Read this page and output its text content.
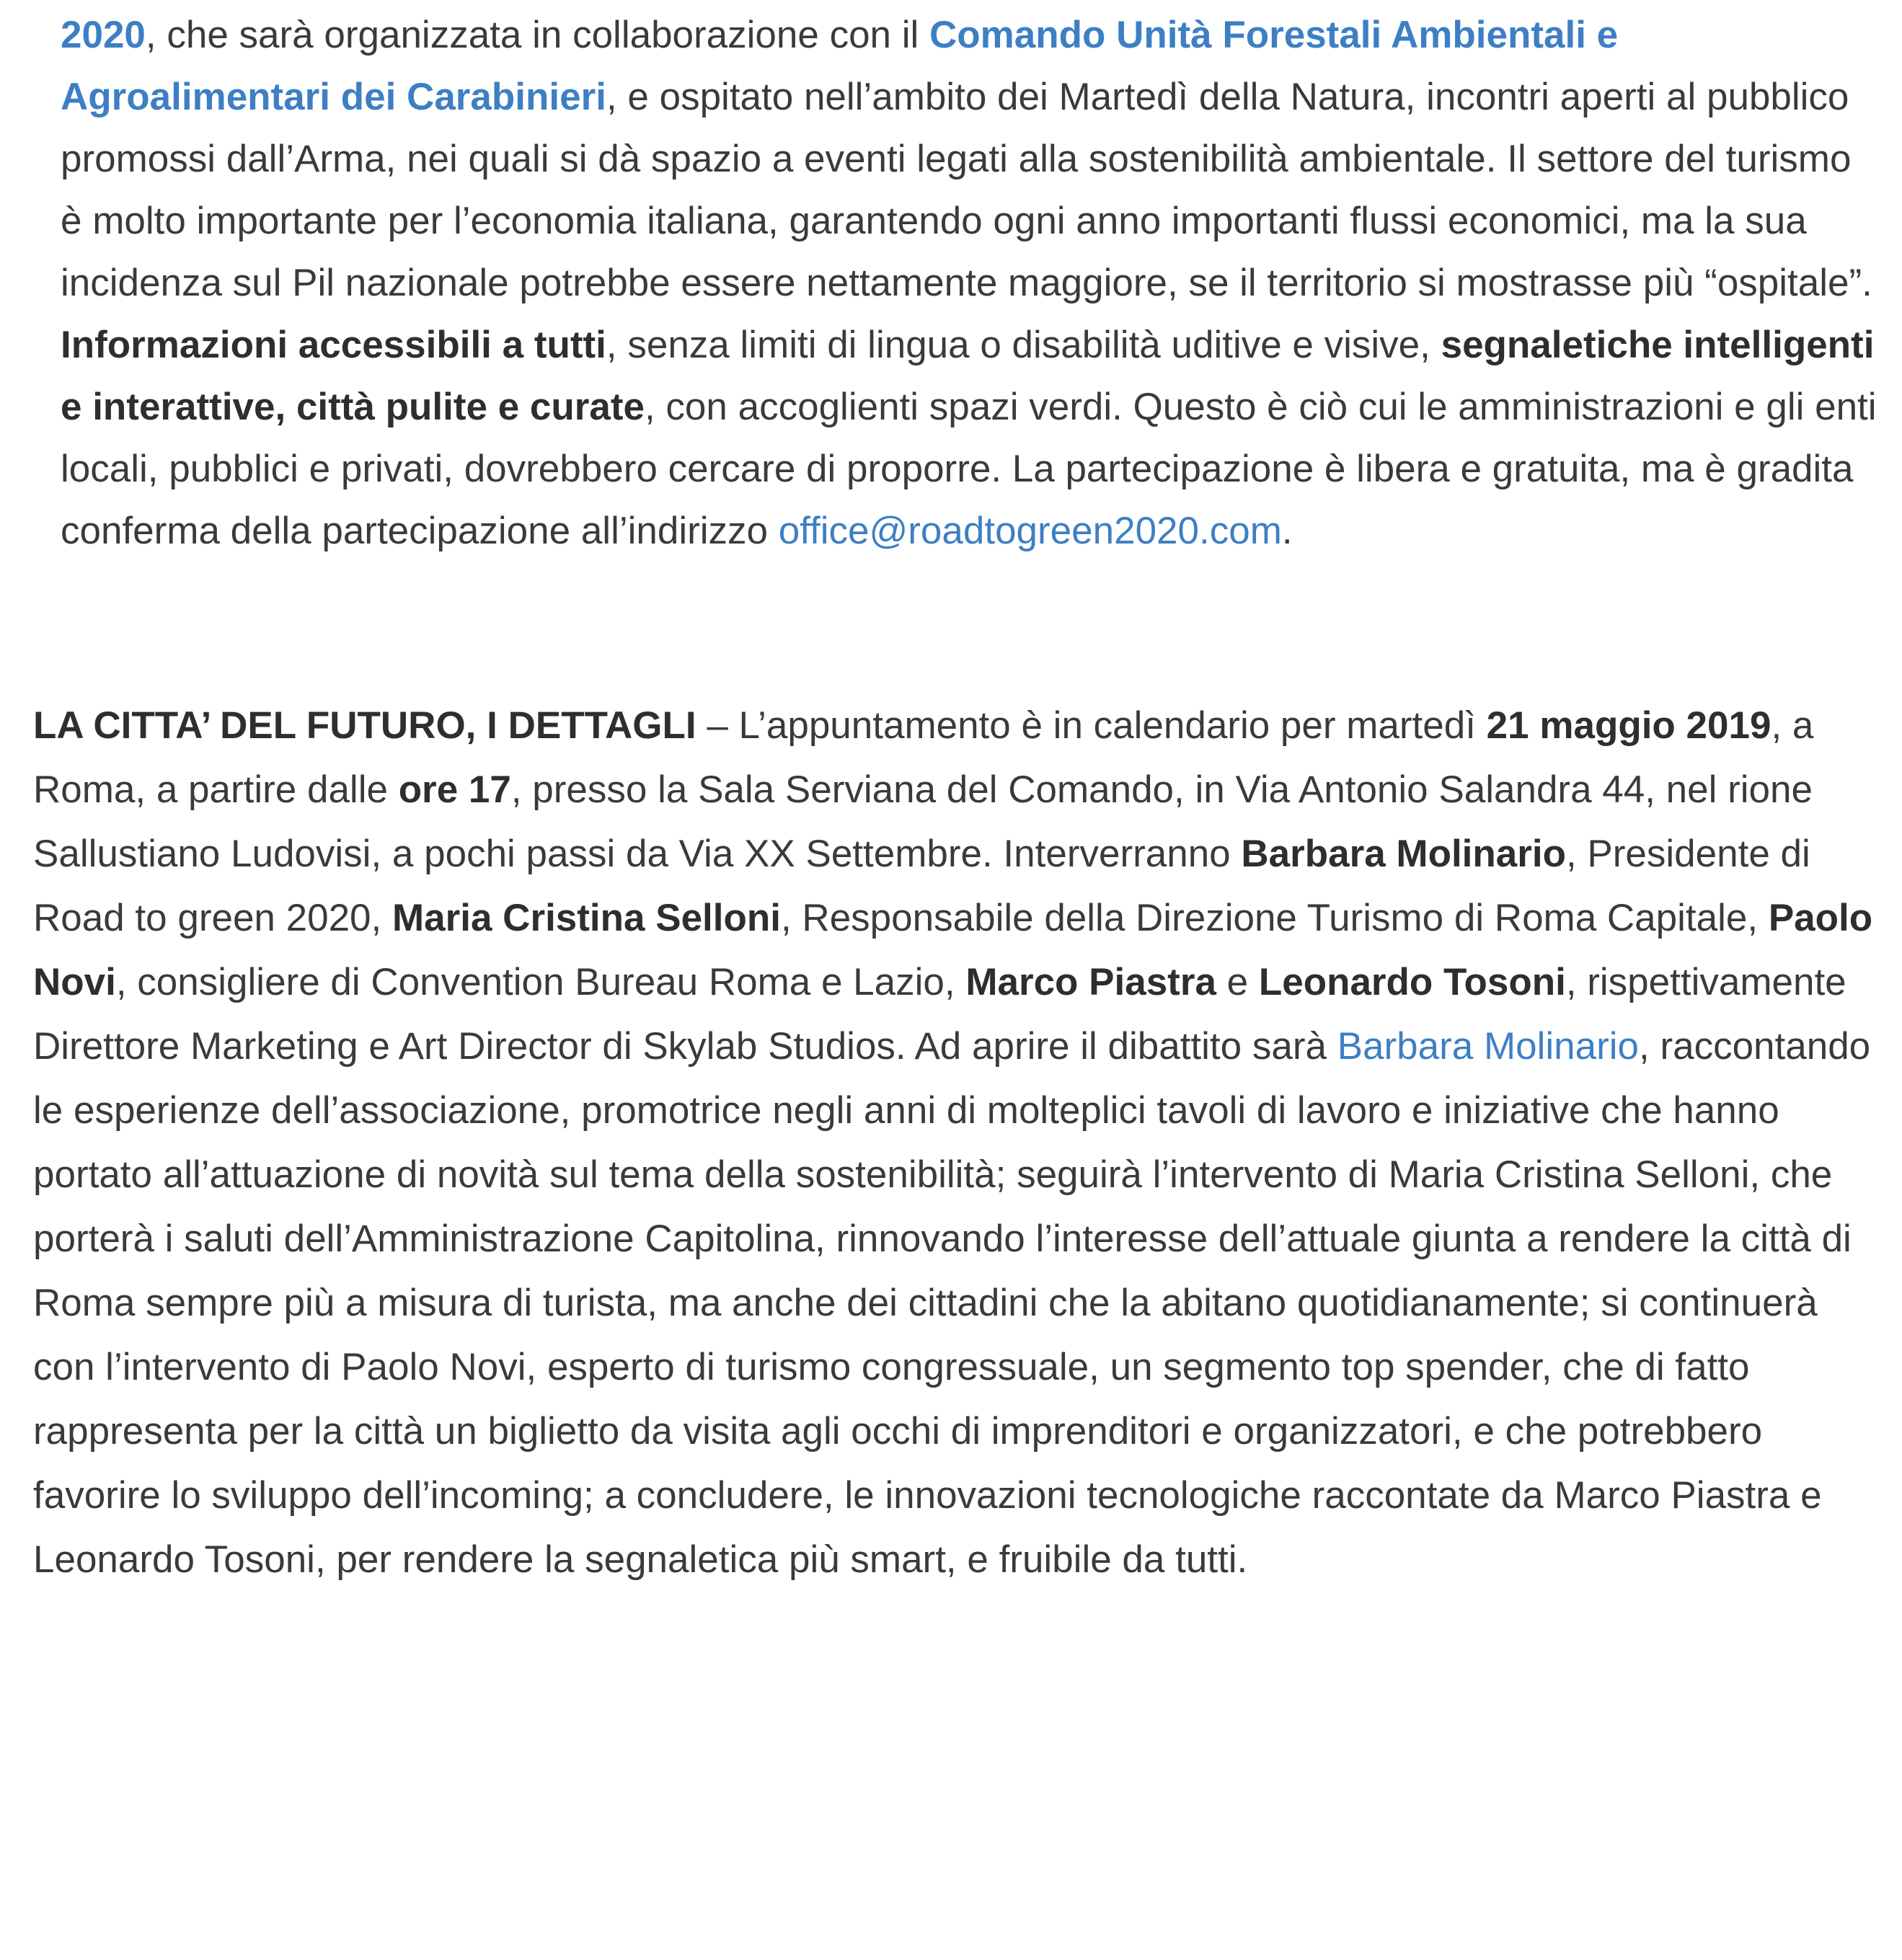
2020, che sarà organizzata in collaborazione con il Comando Unità Forestali Ambientali e Agroalimentari dei Carabinieri, e ospitato nell’ambito dei Martedì della Natura, incontri aperti al pubblico promossi dall’Arma, nei quali si dà spazio a eventi legati alla sostenibilità ambientale. Il settore del turismo è molto importante per l’economia italiana, garantendo ogni anno importanti flussi economici, ma la sua incidenza sul Pil nazionale potrebbe essere nettamente maggiore, se il territorio si mostrasse più “ospitale”. Informazioni accessibili a tutti, senza limiti di lingua o disabilità uditive e visive, segnaletiche intelligenti e interattive, città pulite e curate, con accoglienti spazi verdi. Questo è ciò cui le amministrazioni e gli enti locali, pubblici e privati, dovrebbero cercare di proporre. La partecipazione è libera e gratuita, ma è gradita conferma della partecipazione all’indirizzo office@roadtogreen2020.com.

LA CITTA’ DEL FUTURO, I DETTAGLI – L’appuntamento è in calendario per martedì 21 maggio 2019, a Roma, a partire dalle ore 17, presso la Sala Serviana del Comando, in Via Antonio Salandra 44, nel rione Sallustiano Ludovisi, a pochi passi da Via XX Settembre. Interverranno Barbara Molinario, Presidente di Road to green 2020, Maria Cristina Selloni, Responsabile della Direzione Turismo di Roma Capitale, Paolo Novi, consigliere di Convention Bureau Roma e Lazio, Marco Piastra e Leonardo Tosoni, rispettivamente Direttore Marketing e Art Director di Skylab Studios. Ad aprire il dibattito sarà Barbara Molinario, raccontando le esperienze dell’associazione, promotrice negli anni di molteplici tavoli di lavoro e iniziative che hanno portato all’attuazione di novità sul tema della sostenibilità; seguirà l’intervento di Maria Cristina Selloni, che porterà i saluti dell’Amministrazione Capitolina, rinnovando l’interesse dell’attuale giunta a rendere la città di Roma sempre più a misura di turista, ma anche dei cittadini che la abitano quotidianamente; si continuerà con l’intervento di Paolo Novi, esperto di turismo congressuale, un segmento top spender, che di fatto rappresenta per la città un biglietto da visita agli occhi di imprenditori e organizzatori, e che potrebbero favorire lo sviluppo dell’incoming; a concludere, le innovazioni tecnologiche raccontate da Marco Piastra e Leonardo Tosoni, per rendere la segnaletica più smart, e fruibile da tutti.
